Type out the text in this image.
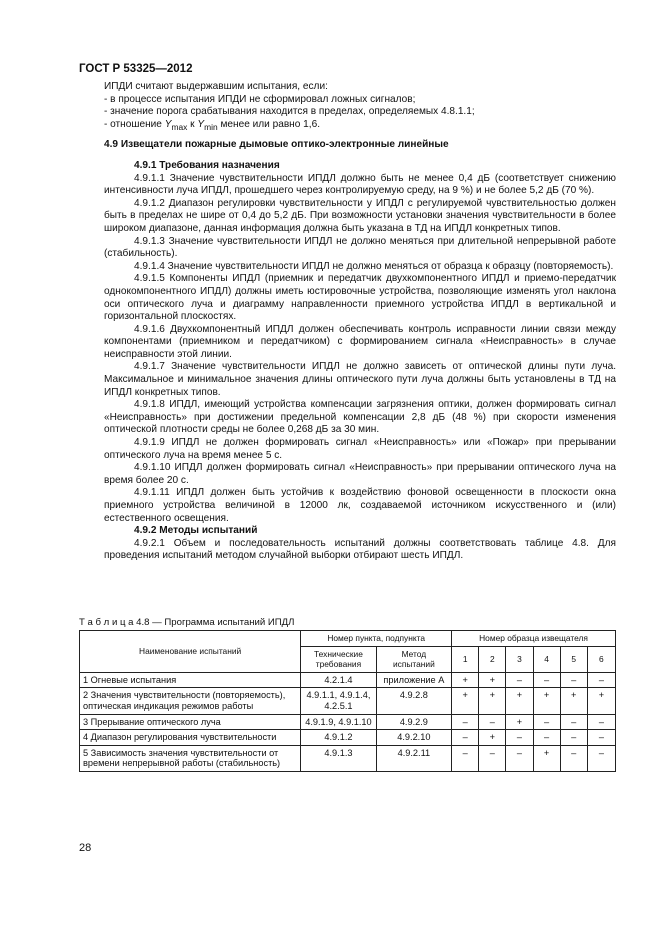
ГОСТ Р 53325—2012

ИПДИ считают выдержавшим испытания, если:

- в процессе испытания ИПДИ не сформировал ложных сигналов;

- значение порога срабатывания находится в пределах, определяемых 4.8.1.1;

- отношение $Y_{max}$ к $Y_{min}$ менее или равно 1,6.

4.9 Извещатели пожарные дымовые оптико-электронные линейные

4.9.1 Требования назначения

4.9.1.1 Значение чувствительности ИПДЛ должно быть не менее 0,4 дБ (соответствует снижению интенсивности луча ИПДЛ, прошедшего через контролируемую среду, на 9 %) и не более 5,2 дБ (70 %).

4.9.1.2 Диапазон регулировки чувствительности у ИПДЛ с регулируемой чувствительностью должен быть в пределах не шире от 0,4 до 5,2 дБ. При возможности установки значения чувствительности в более широком диапазоне, данная информация должна быть указана в ТД на ИПДЛ конкретных типов.

4.9.1.3 Значение чувствительности ИПДЛ не должно меняться при длительной непрерывной работе (стабильность).

4.9.1.4 Значение чувствительности ИПДЛ не должно меняться от образца к образцу (повторяемость).

4.9.1.5 Компоненты ИПДЛ (приемник и передатчик двухкомпонентного ИПДЛ и приемо-передатчик однокомпонентного ИПДЛ) должны иметь юстировочные устройства, позволяющие изменять угол наклона оси оптического луча и диаграмму направленности приемного устройства ИПДЛ в вертикальной и горизонтальной плоскостях.

4.9.1.6 Двухкомпонентный ИПДЛ должен обеспечивать контроль исправности линии связи между компонентами (приемником и передатчиком) с формированием сигнала «Неисправность» в случае неисправности этой линии.

4.9.1.7 Значение чувствительности ИПДЛ не должно зависеть от оптической длины пути луча. Максимальное и минимальное значения длины оптического пути луча должны быть установлены в ТД на ИПДЛ конкретных типов.

4.9.1.8 ИПДЛ, имеющий устройства компенсации загрязнения оптики, должен формировать сигнал «Неисправность» при достижении предельной компенсации 2,8 дБ (48 %) при скорости изменения оптической плотности среды не более 0,268 дБ за 30 мин.

4.9.1.9 ИПДЛ не должен формировать сигнал «Неисправность» или «Пожар» при прерывании оптического луча на время менее 5 с.

4.9.1.10 ИПДЛ должен формировать сигнал «Неисправность» при прерывании оптического луча на время более 20 с.

4.9.1.11 ИПДЛ должен быть устойчив к воздействию фоновой освещенности в плоскости окна приемного устройства величиной в 12000 лк, создаваемой источником искусственного и (или) естественного освещения.

4.9.2 Методы испытаний

4.9.2.1 Объем и последовательность испытаний должны соответствовать таблице 4.8. Для проведения испытаний методом случайной выборки отбирают шесть ИПДЛ.

Т а б л и ц а 4.8 — Программа испытаний ИПДЛ
Наименование испытаний	Номер пункта, подпункта		Номер образца извещателя					
	Технические требования	Метод испытаний	1	2	3	4	5	6
1 Огневые испытания	4.2.1.4	приложение А	+	+	–	–	–	–
2 Значения чувствительности (повторяемость), оптическая индикация режимов работы	4.9.1.1, 4.9.1.4, 4.2.5.1	4.9.2.8	+	+	+	+	+	+
3 Прерывание оптического луча	4.9.1.9, 4.9.1.10	4.9.2.9	–	–	+	–	–	–
4 Диапазон регулирования чувствительности	4.9.1.2	4.9.2.10	–	+	–	–	–	–
5 Зависимость значения чувствительности от времени непрерывной работы (стабильность)	4.9.1.3	4.9.2.11	–	–	–	+	–	–
28
